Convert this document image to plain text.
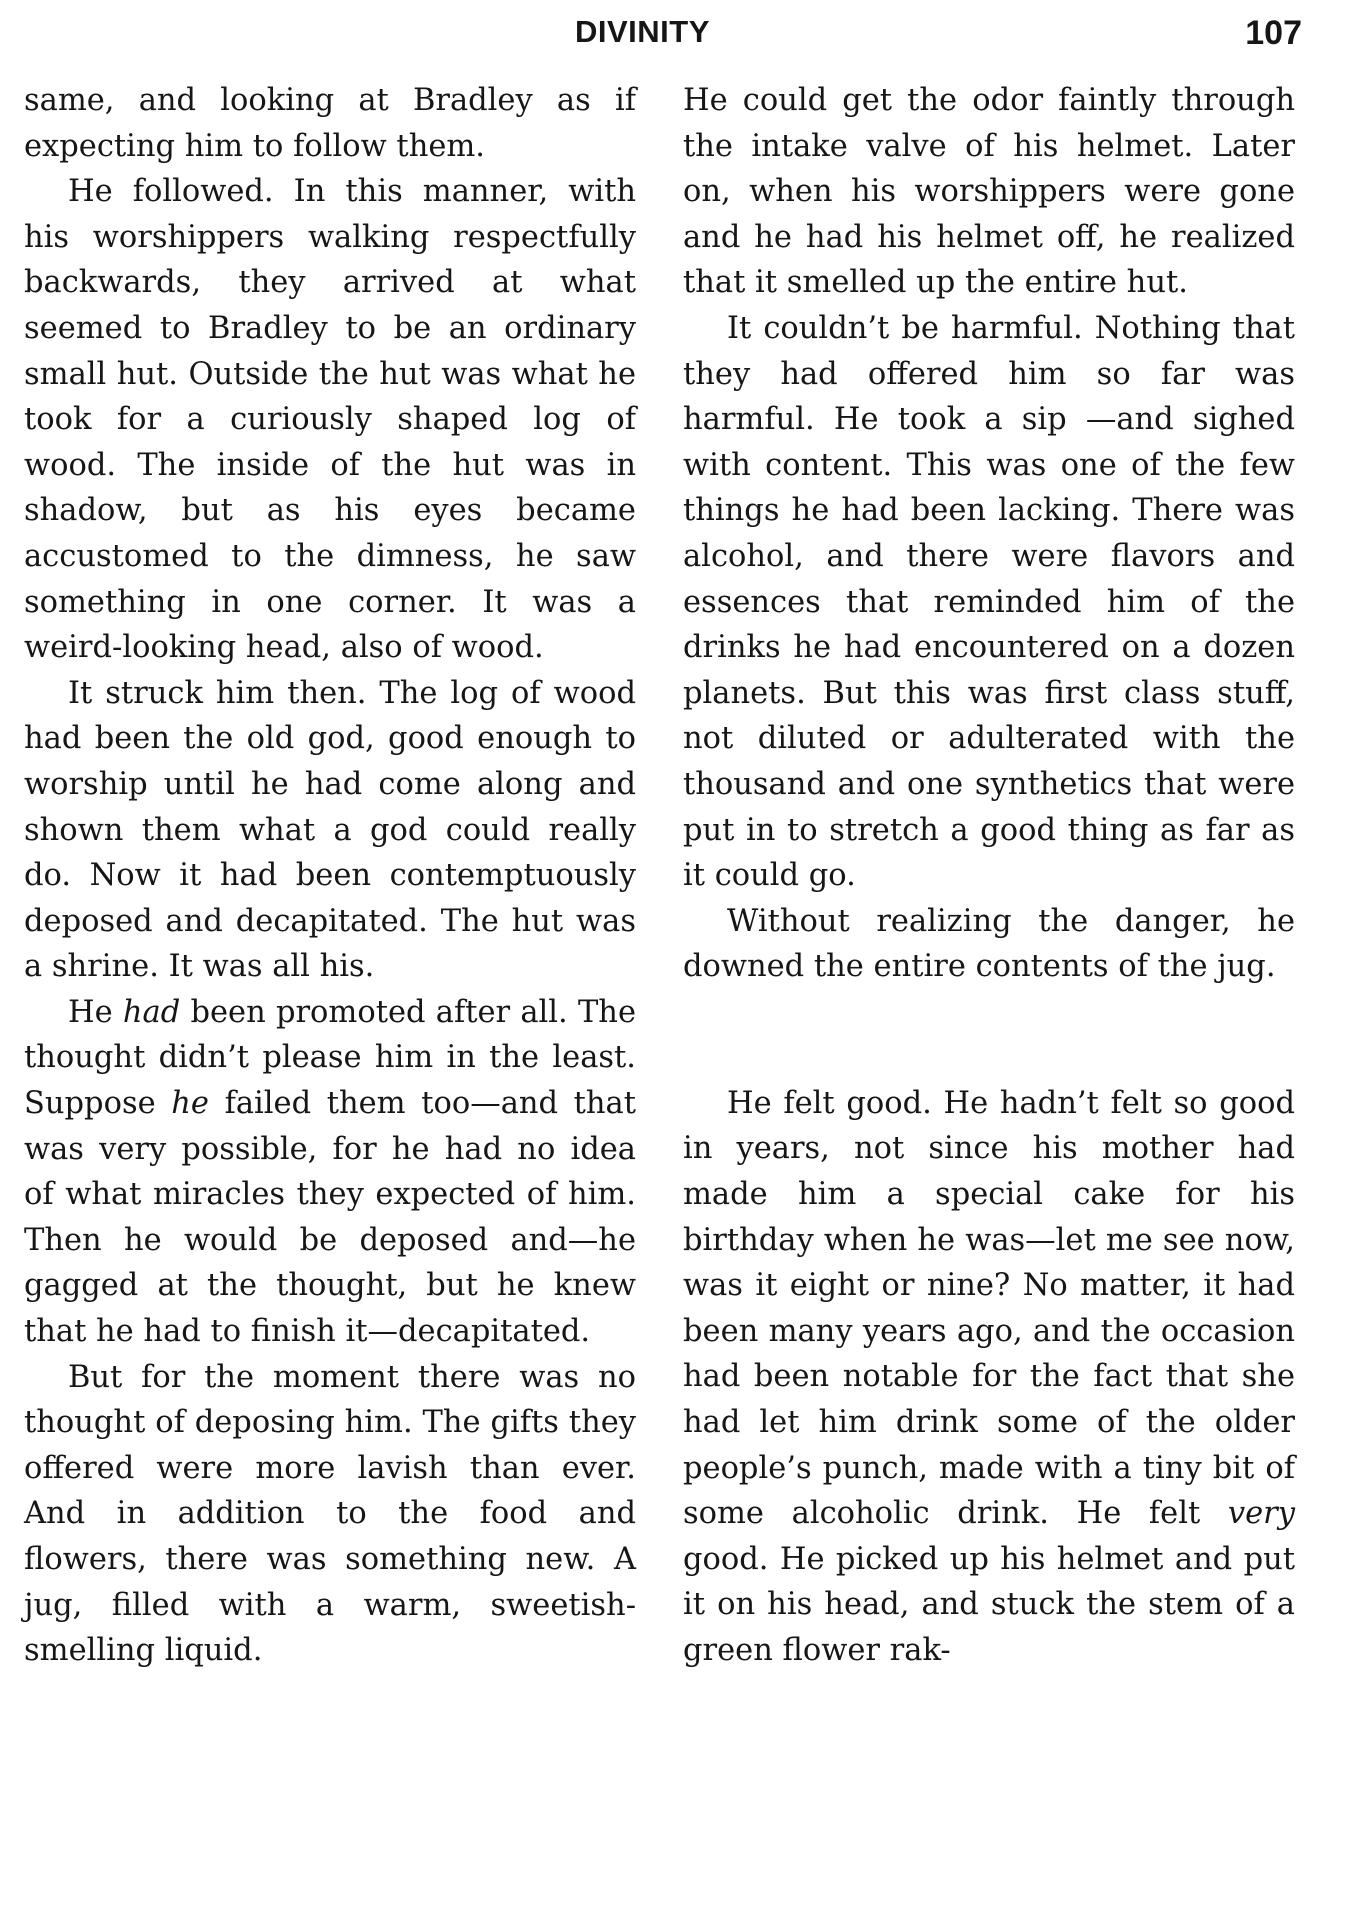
DIVINITY	107

same, and looking at Bradley as if expecting him to follow them.

He followed. In this manner, with his worshippers walking respectfully backwards, they arrived at what seemed to Bradley to be an ordinary small hut. Outside the hut was what he took for a curiously shaped log of wood. The inside of the hut was in shadow, but as his eyes became accustomed to the dimness, he saw something in one corner. It was a weird-looking head, also of wood.

It struck him then. The log of wood had been the old god, good enough to worship until he had come along and shown them what a god could really do. Now it had been contemptuously deposed and decapitated. The hut was a shrine. It was all his.

He had been promoted after all. The thought didn’t please him in the least. Suppose he failed them too—and that was very possible, for he had no idea of what miracles they expected of him. Then he would be deposed and—he gagged at the thought, but he knew that he had to finish it—decapitated.

But for the moment there was no thought of deposing him. The gifts they offered were more lavish than ever. And in addition to the food and flowers, there was something new. A jug, filled with a warm, sweetish-smelling liquid.

He could get the odor faintly through the intake valve of his helmet. Later on, when his worshippers were gone and he had his helmet off, he realized that it smelled up the entire hut.

It couldn’t be harmful. Nothing that they had offered him so far was harmful. He took a sip —and sighed with content. This was one of the few things he had been lacking. There was alcohol, and there were flavors and essences that reminded him of the drinks he had encountered on a dozen planets. But this was first class stuff, not diluted or adulterated with the thousand and one synthetics that were put in to stretch a good thing as far as it could go.

Without realizing the danger, he downed the entire contents of the jug.

He felt good. He hadn’t felt so good in years, not since his mother had made him a special cake for his birthday when he was—let me see now, was it eight or nine? No matter, it had been many years ago, and the occasion had been notable for the fact that she had let him drink some of the older people’s punch, made with a tiny bit of some alcoholic drink. He felt very good. He picked up his helmet and put it on his head, and stuck the stem of a green flower rak-
